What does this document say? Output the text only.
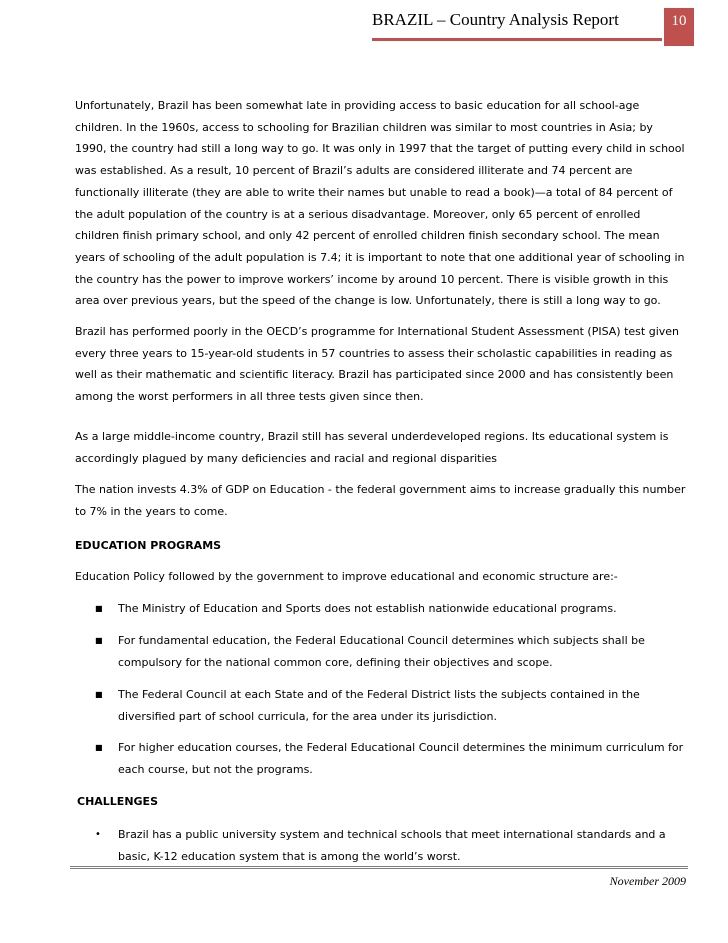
BRAZIL – Country Analysis Report	10

Unfortunately, Brazil has been somewhat late in providing access to basic education for all school-age children. In the 1960s, access to schooling for Brazilian children was similar to most countries in Asia; by 1990, the country had still a long way to go. It was only in 1997 that the target of putting every child in school was established. As a result, 10 percent of Brazil’s adults are considered illiterate and 74 percent are functionally illiterate (they are able to write their names but unable to read a book)—a total of 84 percent of the adult population of the country is at a serious disadvantage. Moreover, only 65 percent of enrolled children finish primary school, and only 42 percent of enrolled children finish secondary school. The mean years of schooling of the adult population is 7.4; it is important to note that one additional year of schooling in the country has the power to improve workers’ income by around 10 percent. There is visible growth in this area over previous years, but the speed of the change is low. Unfortunately, there is still a long way to go.

Brazil has performed poorly in the OECD’s programme for International Student Assessment (PISA) test given every three years to 15-year-old students in 57 countries to assess their scholastic capabilities in reading as well as their mathematic and scientific literacy. Brazil has participated since 2000 and has consistently been among the worst performers in all three tests given since then.

As a large middle-income country, Brazil still has several underdeveloped regions. Its educational system is accordingly plagued by many deficiencies and racial and regional disparities

The nation invests 4.3% of GDP on Education - the federal government aims to increase gradually this number to 7% in the years to come.

EDUCATION PROGRAMS

Education Policy followed by the government to improve educational and economic structure are:-

■ The Ministry of Education and Sports does not establish nationwide educational programs.
■ For fundamental education, the Federal Educational Council determines which subjects shall be compulsory for the national common core, defining their objectives and scope.
■ The Federal Council at each State and of the Federal District lists the subjects contained in the diversified part of school curricula, for the area under its jurisdiction.
■ For higher education courses, the Federal Educational Council determines the minimum curriculum for each course, but not the programs.

CHALLENGES

• Brazil has a public university system and technical schools that meet international standards and a basic, K-12 education system that is among the world’s worst.
November 2009
